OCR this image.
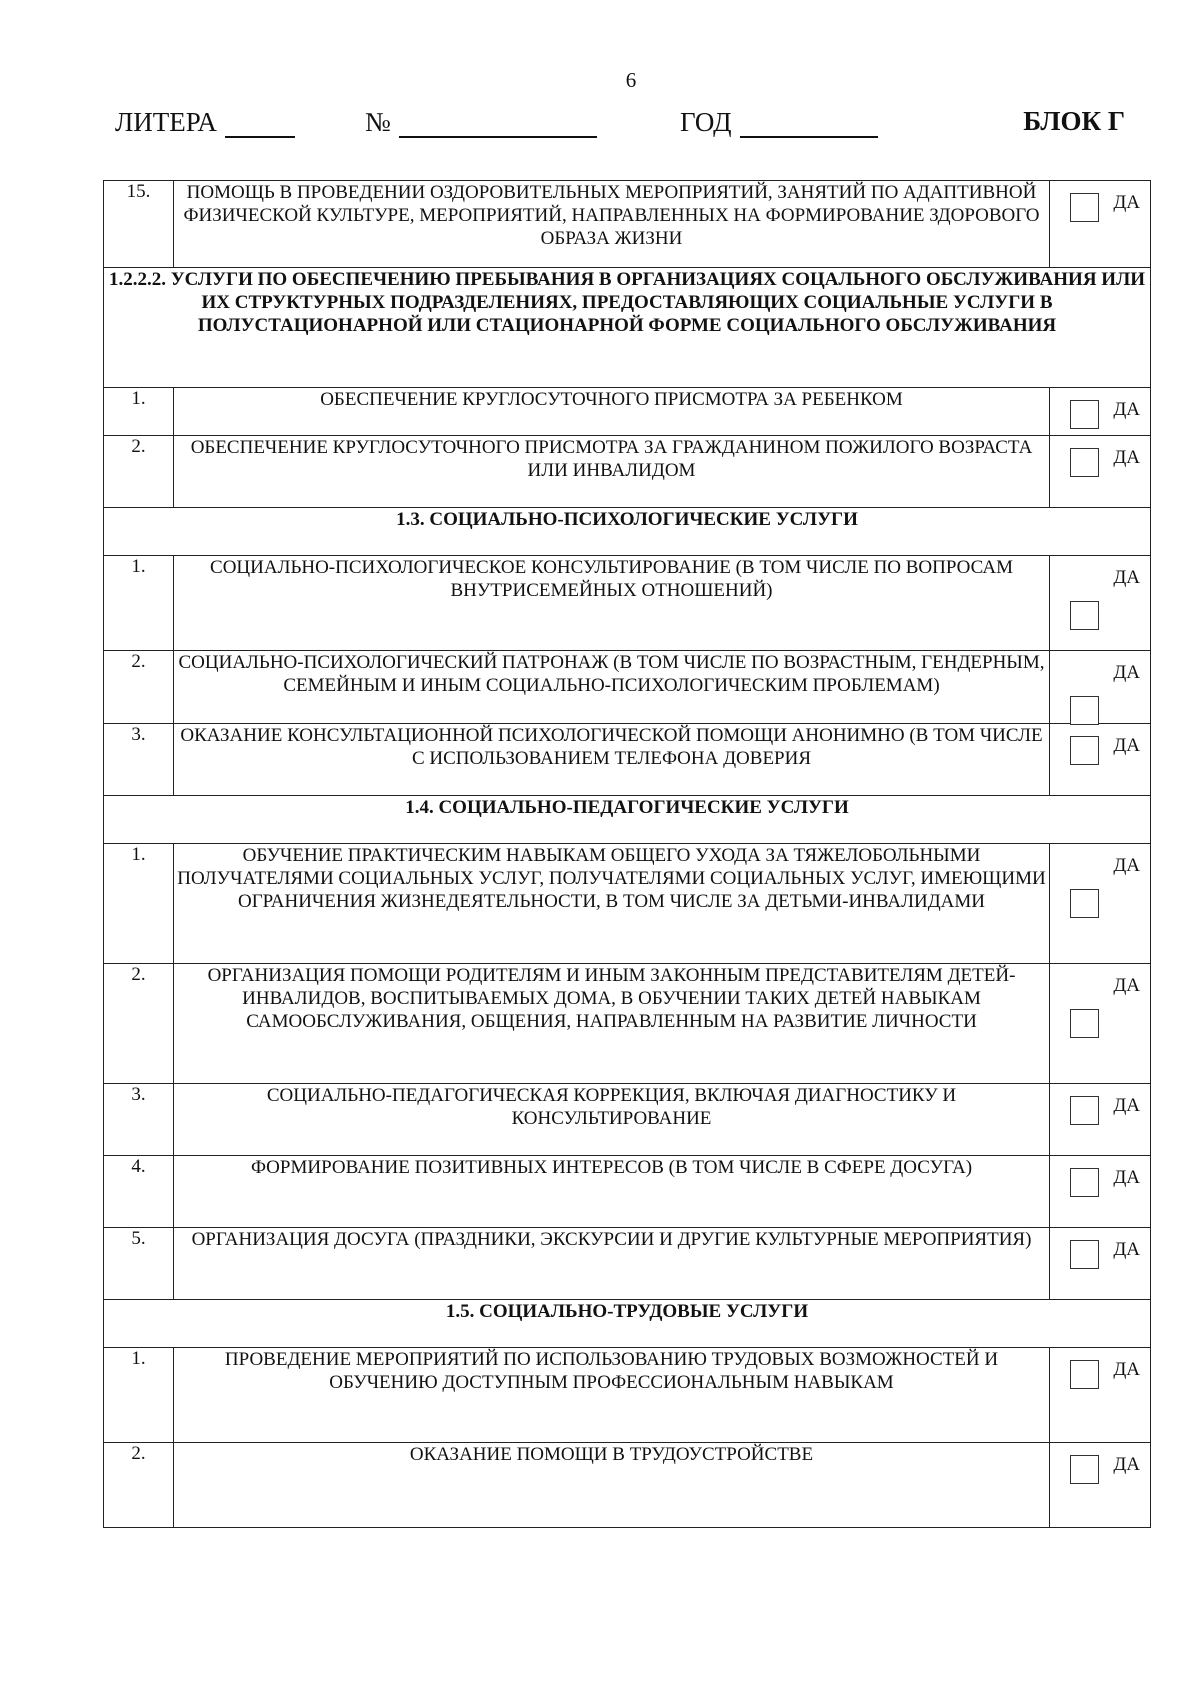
6
ЛИТЕРА	№	ГОД	БЛОК Г
15.	ПОМОЩЬ В ПРОВЕДЕНИИ ОЗДОРОВИТЕЛЬНЫХ МЕРОПРИЯТИЙ, ЗАНЯТИЙ ПО АДАПТИВНОЙ ФИЗИЧЕСКОЙ КУЛЬТУРЕ, МЕРОПРИЯТИЙ, НАПРАВЛЕННЫХ НА ФОРМИРОВАНИЕ ЗДОРОВОГО ОБРАЗА ЖИЗНИ	ДА

1.2.2.2. УСЛУГИ ПО ОБЕСПЕЧЕНИЮ ПРЕБЫВАНИЯ В ОРГАНИЗАЦИЯХ СОЦАЛЬНОГО ОБСЛУЖИВАНИЯ ИЛИ ИХ СТРУКТУРНЫХ ПОДРАЗДЕЛЕНИЯХ, ПРЕДОСТАВЛЯЮЩИХ СОЦИАЛЬНЫЕ УСЛУГИ В ПОЛУСТАЦИОНАРНОЙ ИЛИ СТАЦИОНАРНОЙ ФОРМЕ СОЦИАЛЬНОГО ОБСЛУЖИВАНИЯ		
1.	ОБЕСПЕЧЕНИЕ КРУГЛОСУТОЧНОГО ПРИСМОТРА ЗА РЕБЕНКОМ	ДА

2.	ОБЕСПЕЧЕНИЕ КРУГЛОСУТОЧНОГО ПРИСМОТРА ЗА ГРАЖДАНИНОМ ПОЖИЛОГО ВОЗРАСТА ИЛИ ИНВАЛИДОМ	ДА

1.3. СОЦИАЛЬНО-ПСИХОЛОГИЧЕСКИЕ УСЛУГИ		
1.	СОЦИАЛЬНО-ПСИХОЛОГИЧЕСКОЕ КОНСУЛЬТИРОВАНИЕ (В ТОМ ЧИСЛЕ ПО ВОПРОСАМ ВНУТРИСЕМЕЙНЫХ ОТНОШЕНИЙ)	ДА

2.	СОЦИАЛЬНО-ПСИХОЛОГИЧЕСКИЙ ПАТРОНАЖ (В ТОМ ЧИСЛЕ ПО ВОЗРАСТНЫМ, ГЕНДЕРНЫМ, СЕМЕЙНЫМ И ИНЫМ СОЦИАЛЬНО-ПСИХОЛОГИЧЕСКИМ ПРОБЛЕМАМ)	ДА

3.	ОКАЗАНИЕ КОНСУЛЬТАЦИОННОЙ ПСИХОЛОГИЧЕСКОЙ ПОМОЩИ АНОНИМНО (В ТОМ ЧИСЛЕ С ИСПОЛЬЗОВАНИЕМ ТЕЛЕФОНА ДОВЕРИЯ	ДА

1.4. СОЦИАЛЬНО-ПЕДАГОГИЧЕСКИЕ УСЛУГИ		
1.	ОБУЧЕНИЕ ПРАКТИЧЕСКИМ НАВЫКАМ ОБЩЕГО УХОДА ЗА ТЯЖЕЛОБОЛЬНЫМИ ПОЛУЧАТЕЛЯМИ СОЦИАЛЬНЫХ УСЛУГ, ПОЛУЧАТЕЛЯМИ СОЦИАЛЬНЫХ УСЛУГ, ИМЕЮЩИМИ ОГРАНИЧЕНИЯ ЖИЗНЕДЕЯТЕЛЬНОСТИ, В ТОМ ЧИСЛЕ ЗА ДЕТЬМИ-ИНВАЛИДАМИ	ДА

2.	ОРГАНИЗАЦИЯ ПОМОЩИ РОДИТЕЛЯМ И ИНЫМ ЗАКОННЫМ ПРЕДСТАВИТЕЛЯМ ДЕТЕЙ-ИНВАЛИДОВ, ВОСПИТЫВАЕМЫХ ДОМА, В ОБУЧЕНИИ ТАКИХ ДЕТЕЙ НАВЫКАМ САМООБСЛУЖИВАНИЯ, ОБЩЕНИЯ, НАПРАВЛЕННЫМ НА РАЗВИТИЕ ЛИЧНОСТИ	ДА

3.	СОЦИАЛЬНО-ПЕДАГОГИЧЕСКАЯ КОРРЕКЦИЯ, ВКЛЮЧАЯ ДИАГНОСТИКУ И КОНСУЛЬТИРОВАНИЕ	ДА

4.	ФОРМИРОВАНИЕ ПОЗИТИВНЫХ ИНТЕРЕСОВ (В ТОМ ЧИСЛЕ В СФЕРЕ ДОСУГА)	ДА

5.	ОРГАНИЗАЦИЯ ДОСУГА (ПРАЗДНИКИ, ЭКСКУРСИИ И ДРУГИЕ КУЛЬТУРНЫЕ МЕРОПРИЯТИЯ)	ДА

1.5. СОЦИАЛЬНО-ТРУДОВЫЕ УСЛУГИ		
1.	ПРОВЕДЕНИЕ МЕРОПРИЯТИЙ ПО ИСПОЛЬЗОВАНИЮ ТРУДОВЫХ ВОЗМОЖНОСТЕЙ И ОБУЧЕНИЮ ДОСТУПНЫМ ПРОФЕССИОНАЛЬНЫМ НАВЫКАМ	ДА

2.	ОКАЗАНИЕ ПОМОЩИ В ТРУДОУСТРОЙСТВЕ	ДА
